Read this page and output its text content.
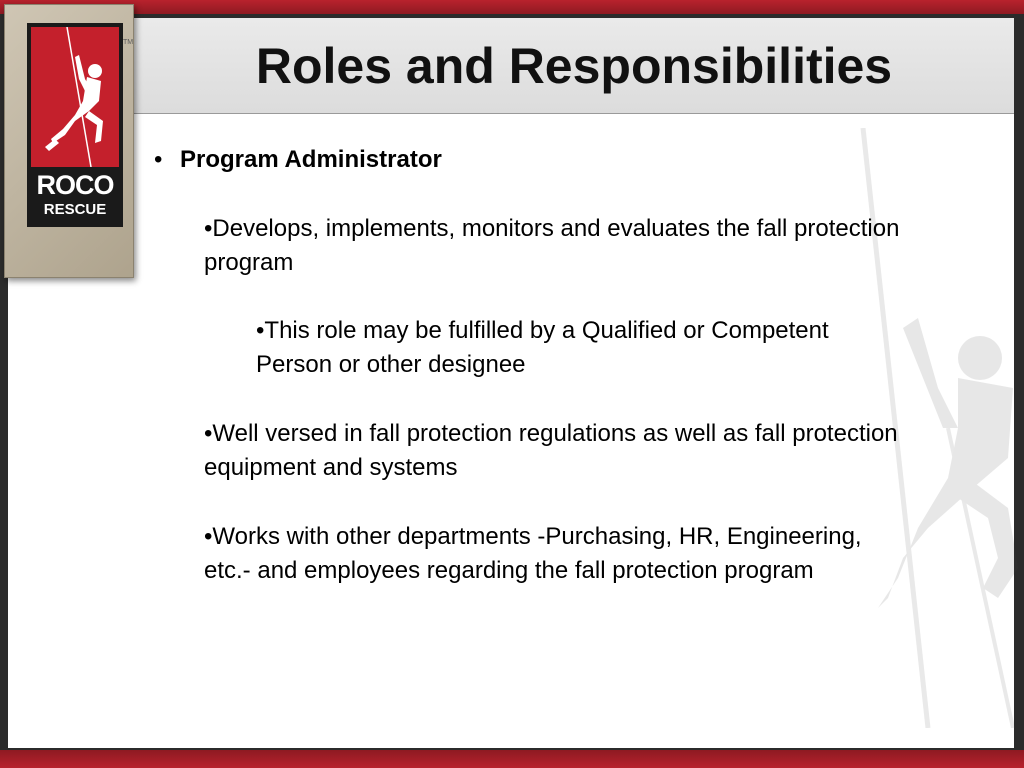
Roles and Responsibilities
• Program Administrator

•Develops, implements, monitors and evaluates the fall protection program

•This role may be fulfilled by a Qualified or Competent Person or other designee

•Well versed in fall protection regulations as well as fall protection equipment and systems

•Works with other departments -Purchasing, HR, Engineering, etc.- and employees regarding the fall protection program

ROCO
RESCUE
TM
